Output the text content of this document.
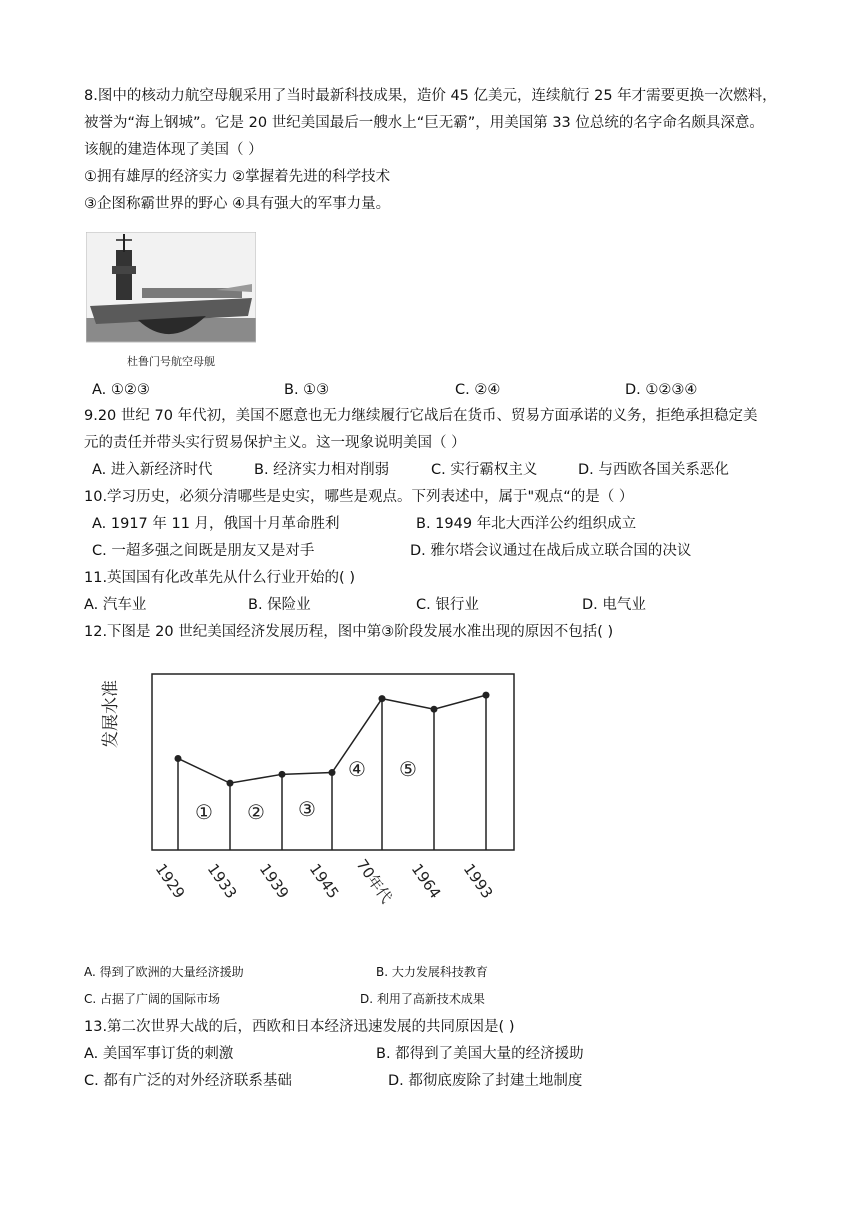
8.图中的核动力航空母舰采用了当时最新科技成果，造价 45 亿美元，连续航行 25 年才需要更换一次燃料，
被誉为“海上钢城”。它是 20 世纪美国最后一艘水上“巨无霸”，用美国第 33 位总统的名字命名颇具深意。
该舰的建造体现了美国（ ）
①拥有雄厚的经济实力 ②掌握着先进的科学技术
③企图称霸世界的野心 ④具有强大的军事力量。
杜鲁门号航空母舰
A. ①②③	B. ①③	C. ②④	D. ①②③④
9.20 世纪 70 年代初，美国不愿意也无力继续履行它战后在货币、贸易方面承诺的义务，拒绝承担稳定美
元的责任并带头实行贸易保护主义。这一现象说明美国（ ）
A. 进入新经济时代	B. 经济实力相对削弱	C. 实行霸权主义	D. 与西欧各国关系恶化
10.学习历史，必须分清哪些是史实，哪些是观点。下列表述中，属于"观点“的是（ ）
A. 1917 年 11 月，俄国十月革命胜利	B. 1949 年北大西洋公约组织成立
C. 一超多强之间既是朋友又是对手	D. 雅尔塔会议通过在战后成立联合国的决议
11.英国国有化改革先从什么行业开始的( )
A. 汽车业	B. 保险业	C. 银行业	D. 电气业
12.下图是 20 世纪美国经济发展历程，图中第③阶段发展水准出现的原因不包括( )
发展水准
① ② ③
④ ⑤
1929 1933 1939 1945 70年代 1964 1993
A. 得到了欧洲的大量经济援助	B. 大力发展科技教育
C. 占据了广阔的国际市场	D. 利用了高新技术成果
13.第二次世界大战的后，西欧和日本经济迅速发展的共同原因是( )
A. 美国军事订货的刺激	B. 都得到了美国大量的经济援助
C. 都有广泛的对外经济联系基础	D. 都彻底废除了封建土地制度
